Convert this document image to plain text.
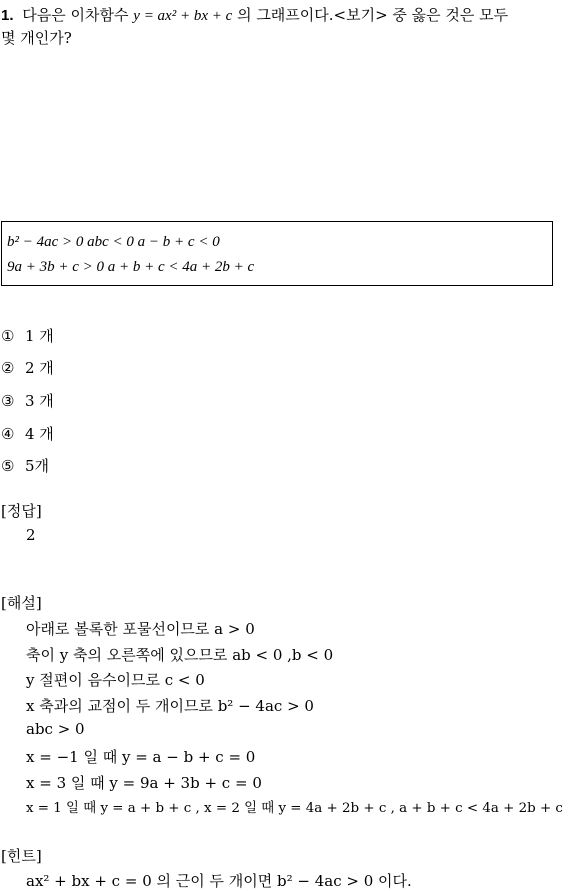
1. 다음은 이차함수 y = ax² + bx + c 의 그래프이다.<보기> 중 옳은 것은 모두
몇 개인가?
b² − 4ac > 0 abc < 0 a − b + c < 0
9a + 3b + c > 0 a + b + c < 4a + 2b + c
① 1 개
② 2 개
③ 3 개
④ 4 개
⑤ 5개
[정답]
2
[해설]
아래로 볼록한 포물선이므로 a > 0
축이 y 축의 오른쪽에 있으므로 ab < 0 ,b < 0
y 절편이 음수이므로 c < 0
x 축과의 교점이 두 개이므로 b² − 4ac > 0
abc > 0
x = −1 일 때 y = a − b + c = 0
x = 3 일 때 y = 9a + 3b + c = 0
x = 1 일 때 y = a + b + c , x = 2 일 때 y = 4a + 2b + c , a + b + c < 4a + 2b + c
[힌트]
ax² + bx + c = 0 의 근이 두 개이면 b² − 4ac > 0 이다.
